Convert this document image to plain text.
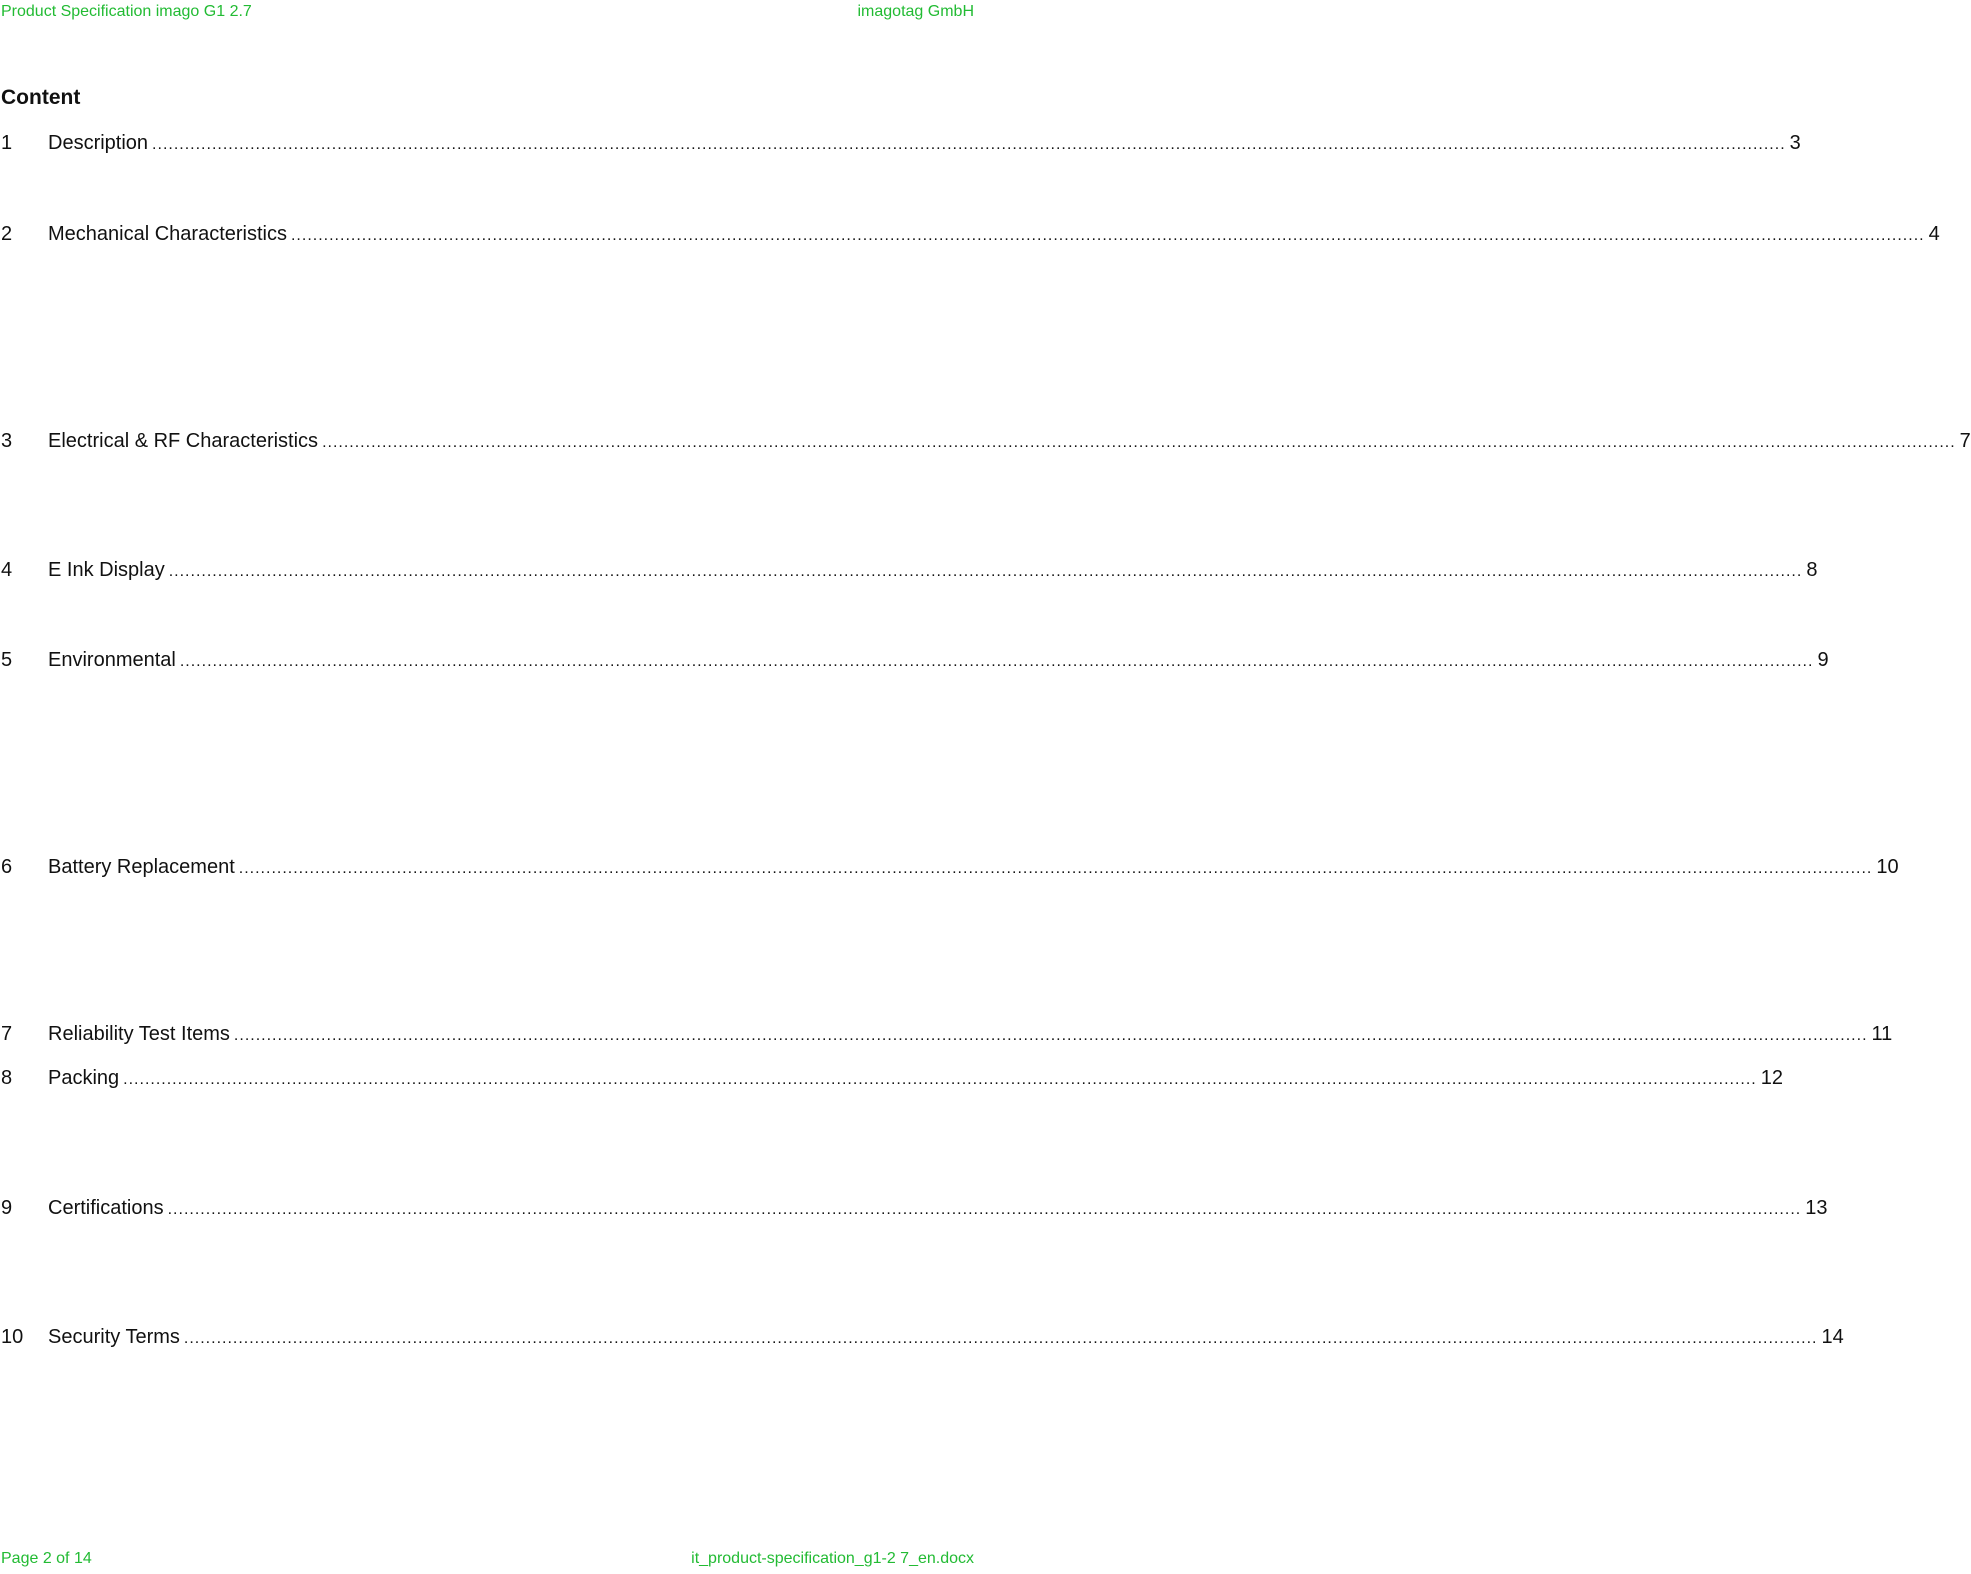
Product Specification imago G1 2.7	imagotag GmbH
Content
1	Description ............................................................................................................................................................................................................................................................................................................ 3
2	Mechanical Characteristics ............................................................................................................................................................................................................................................................................................................ 4
3	Electrical & RF Characteristics ............................................................................................................................................................................................................................................................................................................ 7
4	E Ink Display ............................................................................................................................................................................................................................................................................................................ 8
5	Environmental ............................................................................................................................................................................................................................................................................................................ 9
6	Battery Replacement ............................................................................................................................................................................................................................................................................................................ 10
7	Reliability Test Items ............................................................................................................................................................................................................................................................................................................ 11
8	Packing ............................................................................................................................................................................................................................................................................................................ 12
9	Certifications ............................................................................................................................................................................................................................................................................................................ 13
10	Security Terms ............................................................................................................................................................................................................................................................................................................ 14
Page 2 of 14	it_product-specification_g1-2 7_en.docx
